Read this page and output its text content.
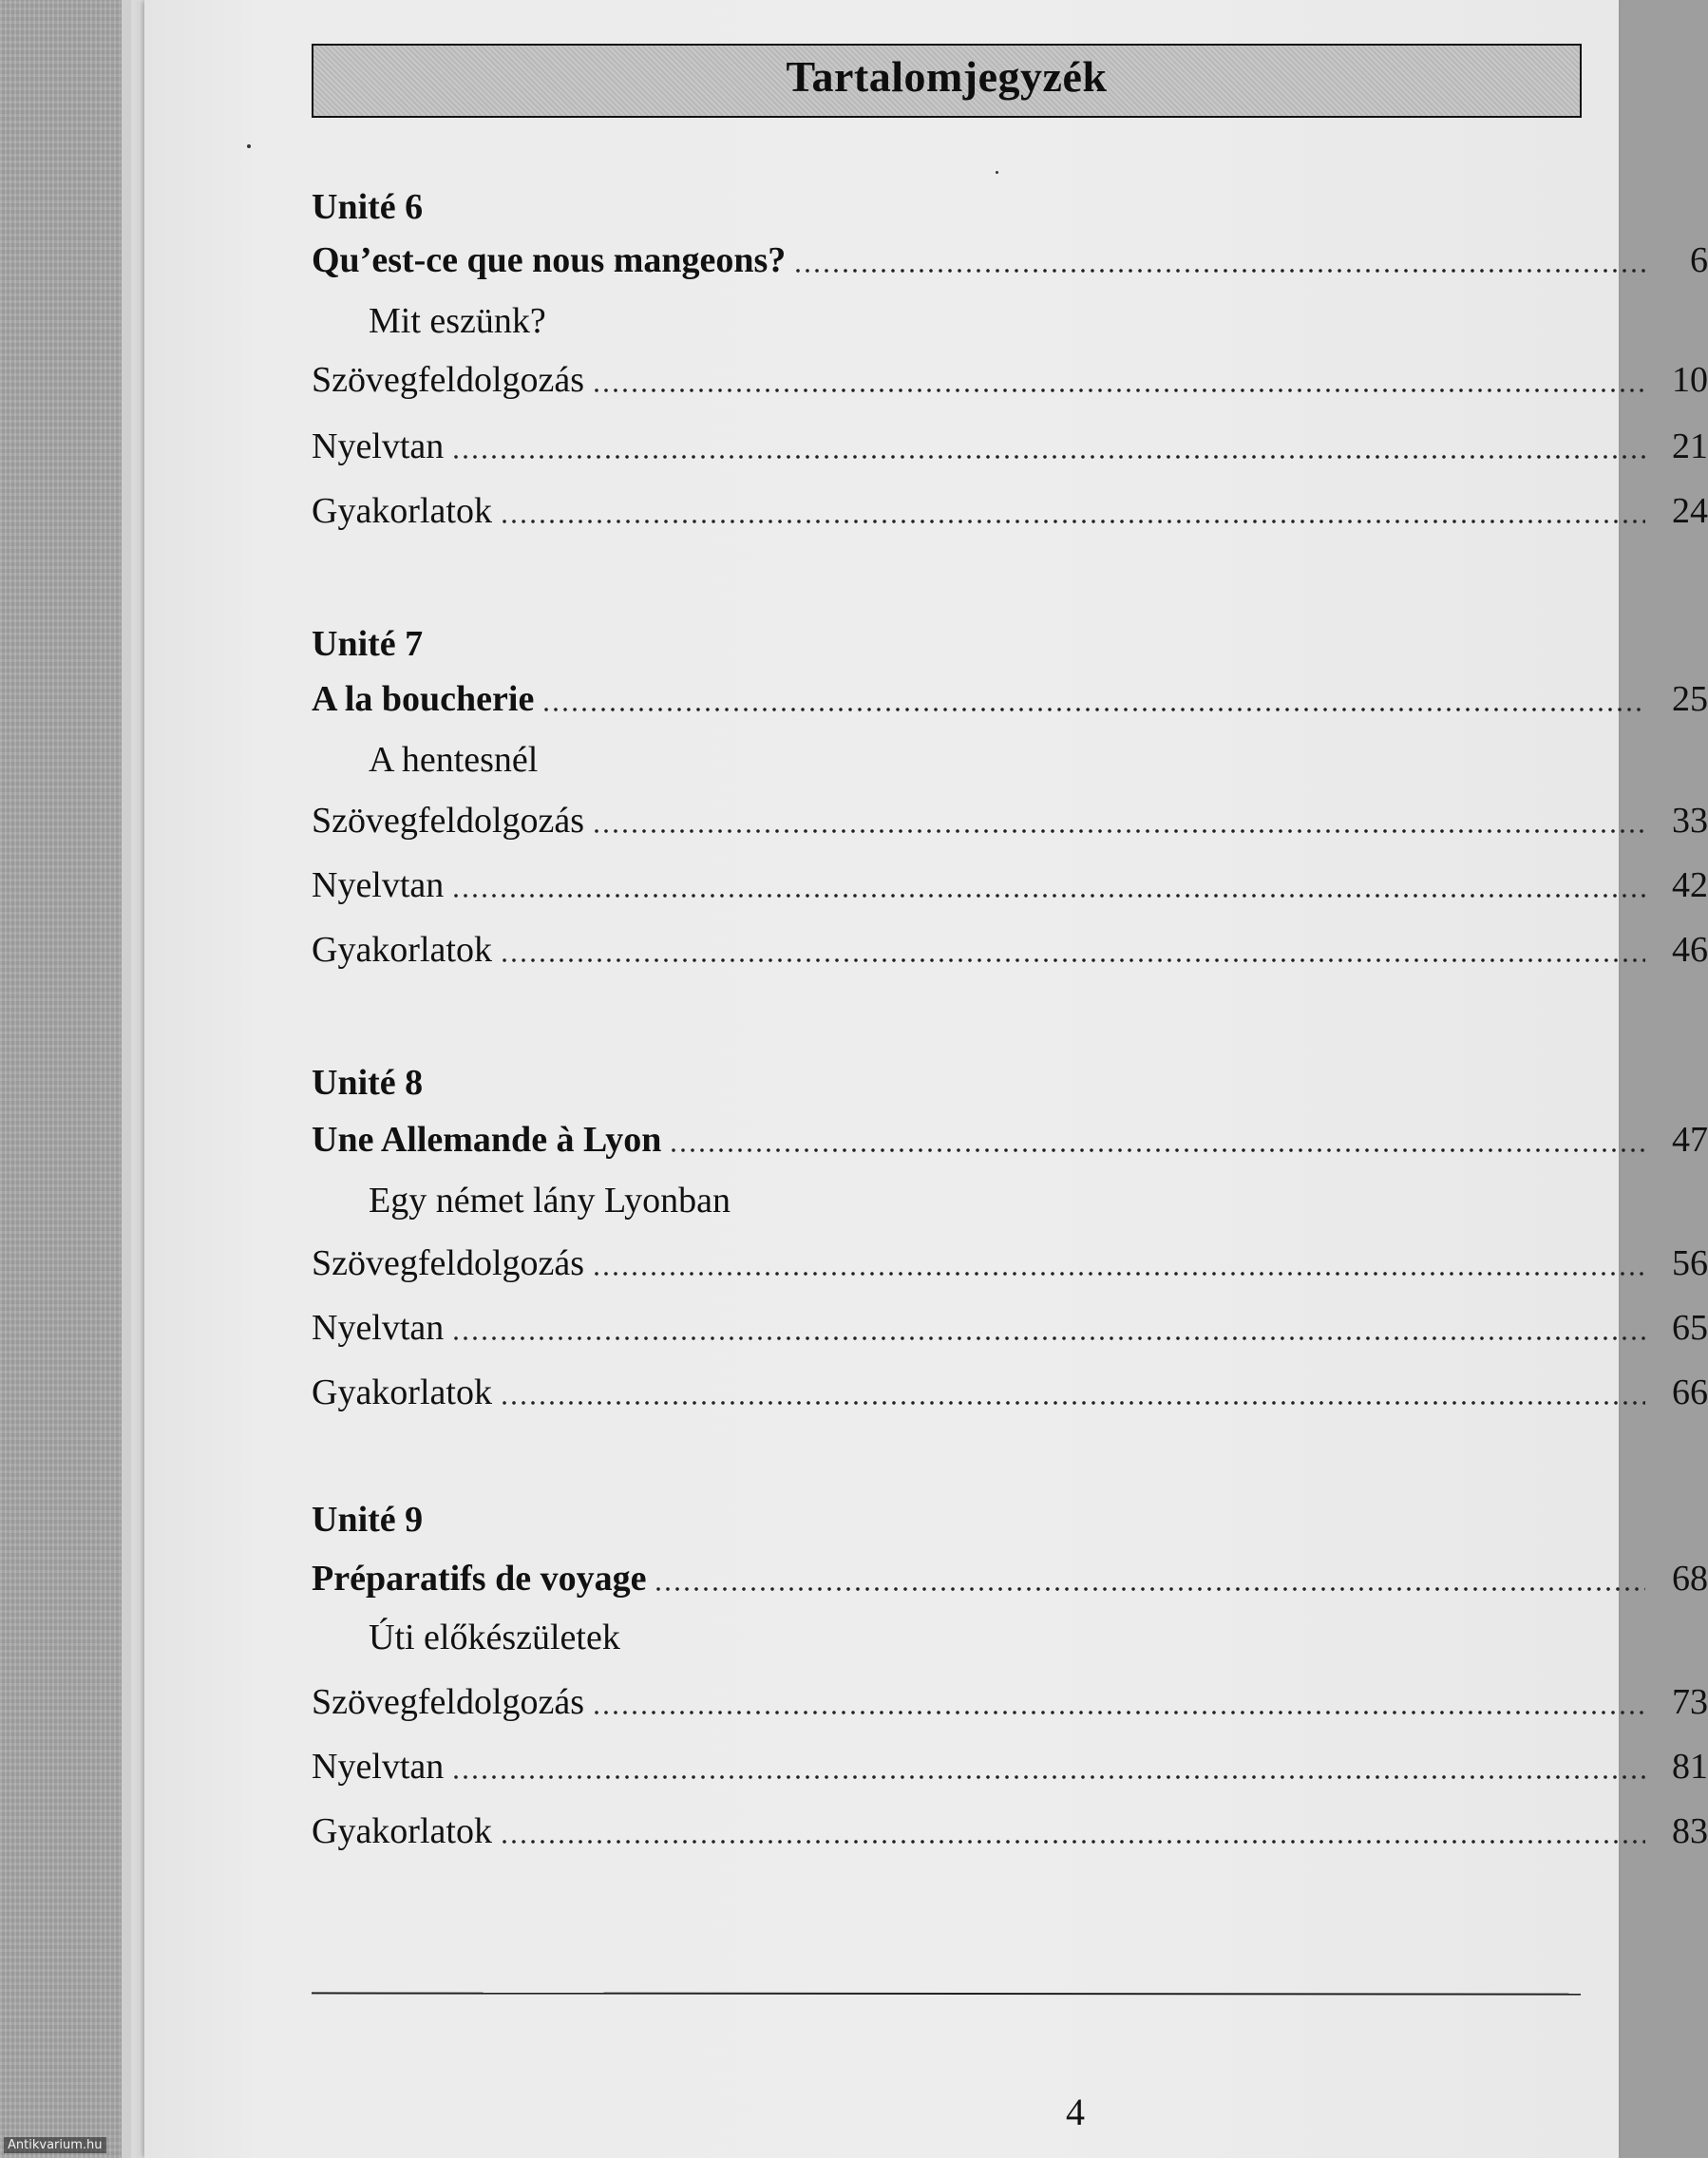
Tartalomjegyzék
Unité 6
Qu’est-ce que nous mangeons?	6
Mit eszünk?
Szövegfeldolgozás	10
Nyelvtan	21
Gyakorlatok	24
Unité 7
A la boucherie	25
A hentesnél
Szövegfeldolgozás	33
Nyelvtan	42
Gyakorlatok	46
Unité 8
Une Allemande à Lyon	47
Egy német lány Lyonban
Szövegfeldolgozás	56
Nyelvtan	65
Gyakorlatok	66
Unité 9
Préparatifs de voyage	68
Úti előkészületek
Szövegfeldolgozás	73
Nyelvtan	81
Gyakorlatok	83
4
Antikvarium.hu
